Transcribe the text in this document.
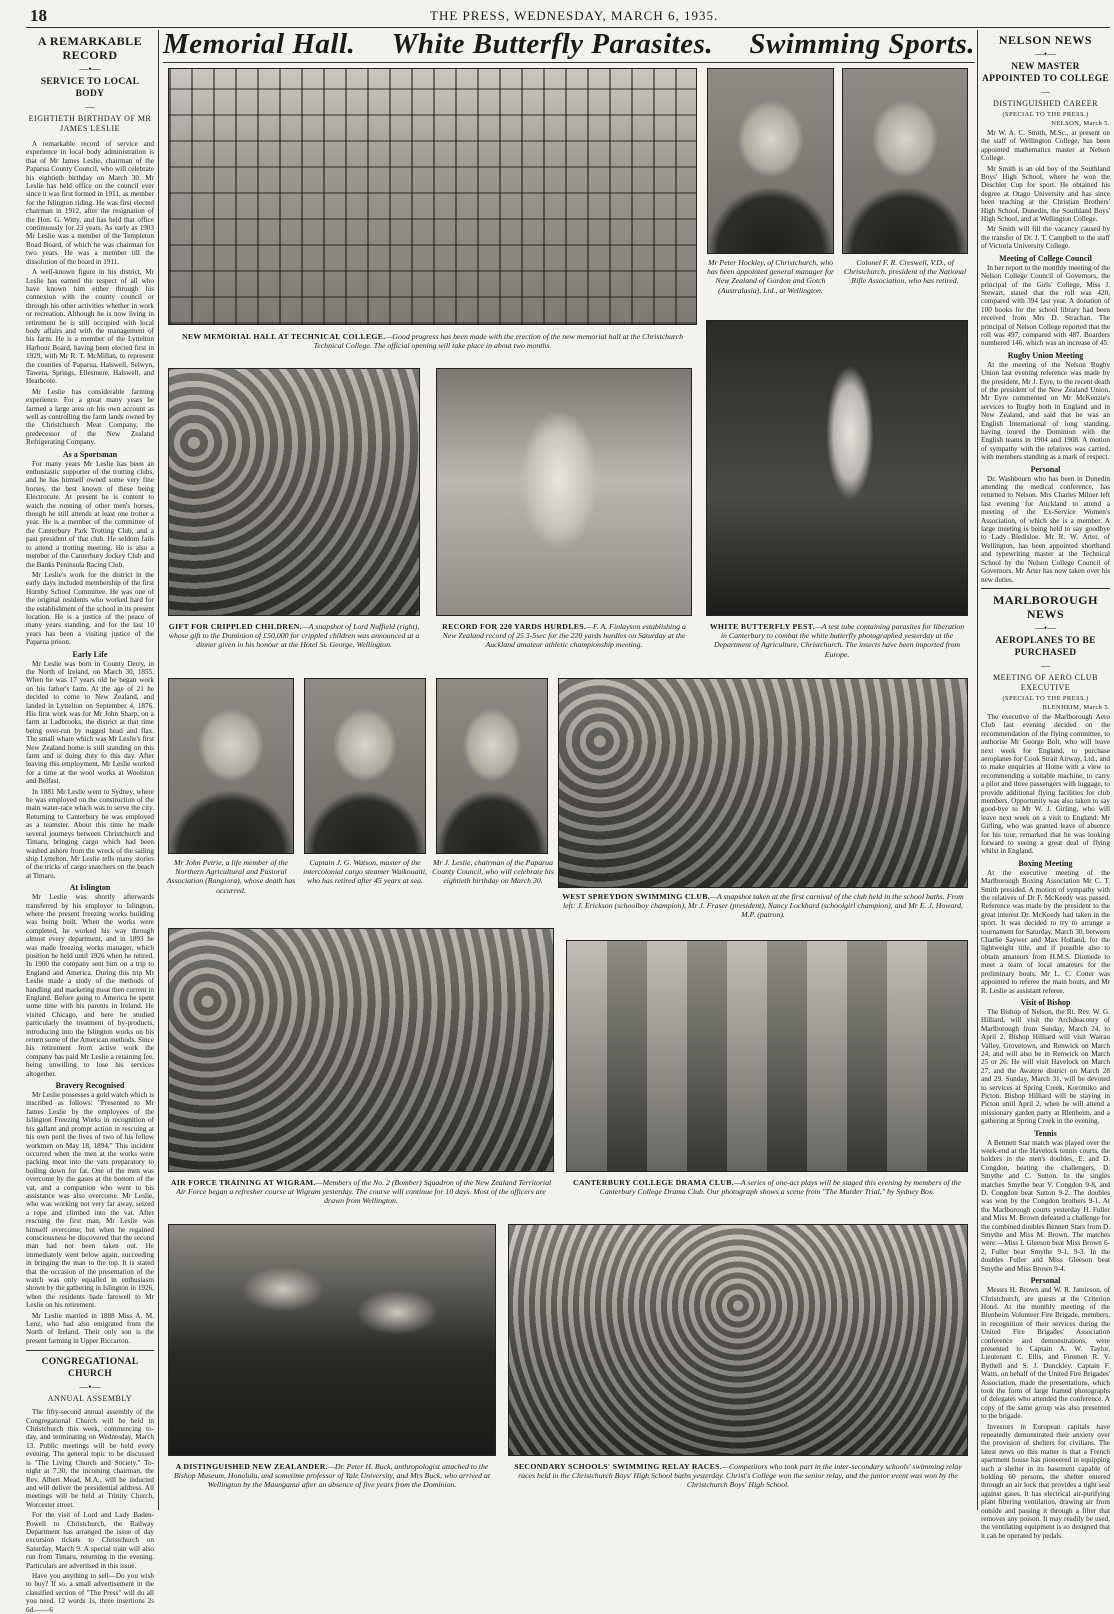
18	THE PRESS, WEDNESDAY, MARCH 6, 1935.
A REMARKABLE RECORD
—•—
SERVICE TO LOCAL BODY
—
EIGHTIETH BIRTHDAY OF MR JAMES LESLIE

A remarkable record of service and experience in local body administration is that of Mr James Leslie, chairman of the Paparua County Council, who will celebrate his eightieth birthday on March 30. Mr Leslie has held office on the council ever since it was first formed in 1911, as member for the Islington riding. He was first elected chairman in 1912, after the resignation of the Hon. G. Witty, and has held that office continuously for 23 years. As early as 1903 Mr Leslie was a member of the Templeton Road Board, of which he was chairman for two years. He was a member till the dissolution of the board in 1911.

A well-known figure in his district, Mr Leslie has earned the respect of all who have known him either through his connexion with the county council or through his other activities whether in work or recreation. Although he is now living in retirement he is still occupied with local body affairs and with the management of his farm. He is a member of the Lyttelton Harbour Board, having been elected first in 1929, with Mr R. T. McMillan, to represent the counties of Paparua, Halswell, Selwyn, Tawera, Springs, Ellesmere, Halswell, and Heathcote.

Mr Leslie has considerable farming experience. For a great many years he farmed a large area on his own account as well as controlling the farm lands owned by the Christchurch Meat Company, the predecessor of the New Zealand Refrigerating Company.

As a Sportsman

For many years Mr Leslie has been an enthusiastic supporter of the trotting clubs, and he has himself owned some very fine horses, the best known of these being Electrocute. At present he is content to watch the running of other men's horses, though he still attends at least one trotter a year. He is a member of the committee of the Canterbury Park Trotting Club, and a past president of that club. He seldom fails to attend a trotting meeting. He is also a member of the Canterbury Jockey Club and the Banks Peninsula Racing Club.

Mr Leslie's work for the district in the early days included membership of the first Hornby School Committee. He was one of the original residents who worked hard for the establishment of the school in its present location. He is a justice of the peace of many years standing, and for the last 10 years has been a visiting justice of the Paparua prison.

Early Life

Mr Leslie was born in County Derry, in the North of Ireland, on March 30, 1855. When he was 17 years old he began work on his father's farm. At the age of 21 he decided to come to New Zealand, and landed in Lyttelton on September 4, 1876. His first work was for Mr John Sharp, on a farm at Ladbrooks, the district at that time being over-run by rugged head and flax. The small whare which was Mr Leslie's first New Zealand home is still standing on this farm and is doing duty to this day. After leaving this employment, Mr Leslie worked for a time at the wool works at Woolston and Belfast.

In 1881 Mr Leslie went to Sydney, where he was employed on the construction of the main water-race which was to serve the city. Returning to Canterbury he was employed as a teamster. About this time he made several journeys between Christchurch and Timaru, bringing cargo which had been washed ashore from the wreck of the sailing ship Lyttelton. Mr Leslie tells many stories of the tricks of cargo snatchers on the beach at Timaru.

At Islington

Mr Leslie was shortly afterwards transferred by his employer to Islington, where the present freezing works building was being built. When the works were completed, he worked his way through almost every department, and in 1893 he was made freezing works manager, which position he held until 1926 when he retired. In 1900 the company sent him on a trip to England and America. During this trip Mr Leslie made a study of the methods of handling and marketing meat then current in England. Before going to America he spent some time with his parents in Ireland. He visited Chicago, and here he studied particularly the treatment of by-products, introducing into the Islington works on his return some of the American methods. Since his retirement from active work the company has paid Mr Leslie a retaining fee, being unwilling to lose his services altogether.

Bravery Recognised

Mr Leslie possesses a gold watch which is inscribed as follows: "Presented to Mr James Leslie by the employees of the Islington Freezing Works in recognition of his gallant and prompt action in rescuing at his own peril the lives of two of his fellow workmen on May 18, 1894." This incident occurred when the men at the works were packing meat into the vats preparatory to boiling down for fat. One of the men was overcome by the gases at the bottom of the vat, and a companion who went to his assistance was also overcome. Mr Leslie, who was working not very far away, seized a rope and climbed into the vat. After rescuing the first man, Mr Leslie was himself overcome; but when he regained consciousness he discovered that the second man had not been taken out. He immediately went below again, succeeding in bringing the man to the top. It is stated that the occasion of the presentation of the watch was only equalled in enthusiasm shown by the gathering in Islington in 1926, when the residents bade farewell to Mr Leslie on his retirement.

Mr Leslie married in 1888 Miss A. M. Lenz, who had also emigrated from the North of Ireland. Their only son is the present farming in Upper Riccarton.

CONGREGATIONAL CHURCH
—•—
ANNUAL ASSEMBLY

The fifty-second annual assembly of the Congregational Church will be held in Christchurch this week, commencing to-day, and terminating on Wednesday, March 13. Public meetings will be held every evening. The general topic to be discussed is "The Living Church and Society." To-night at 7.30, the incoming chairman, the Rev. Albert Mead, M.A., will be inducted and will deliver the presidential address. All meetings will be held at Trinity Church, Worcester street.

For the visit of Lord and Lady Baden-Powell to Christchurch, the Railway Department has arranged the issue of day excursion tickets to Christchurch on Saturday, March 9. A special train will also run from Timaru, returning in the evening. Particulars are advertised in this issue.

Have you anything to sell—Do you wish to buy? If so, a small advertisement in the classified section of "The Press" will do all you need. 12 words 1s, three insertions 2s 6d.——6

Memorial Hall. White Butterfly Parasites. Swimming Sports.
NEW MEMORIAL HALL AT TECHNICAL COLLEGE.—Good progress has been made with the erection of the new memorial hall at the Christchurch Technical College. The official opening will take place in about two months.
Mr Peter Hockley, of Christchurch, who has been appointed general manager for New Zealand of Gordon and Gotch (Australasia), Ltd., at Wellington.
Colonel F. R. Creswell, V.D., of Christchurch, president of the National Rifle Association, who has retired.
GIFT FOR CRIPPLED CHILDREN.—A snapshot of Lord Nuffield (right), whose gift to the Dominion of £50,000 for crippled children was announced at a dinner given in his honour at the Hotel St. George, Wellington.
RECORD FOR 220 YARDS HURDLES.—F. A. Finlayson establishing a New Zealand record of 25 3-5sec for the 220 yards hurdles on Saturday at the Auckland amateur athletic championship meeting.
WHITE BUTTERFLY PEST.—A test tube containing parasites for liberation in Canterbury to combat the white butterfly photographed yesterday at the Department of Agriculture, Christchurch. The insects have been imported from Europe.
Mr John Petrie, a life member of the Northern Agricultural and Pastoral Association (Rangiora), whose death has occurred.
Captain J. G. Watson, master of the intercolonial cargo steamer Waikouaiti, who has retired after 45 years at sea.
Mr J. Leslie, chairman of the Paparua County Council, who will celebrate his eightieth birthday on March 30.
WEST SPREYDON SWIMMING CLUB.—A snapshot taken at the first carnival of the club held in the school baths. From left: J. Erickson (schoolboy champion), Mr J. Fraser (president), Nancy Lockhard (schoolgirl champion), and Mr E. J. Howard, M.P. (patron).
AIR FORCE TRAINING AT WIGRAM.—Members of the No. 2 (Bomber) Squadron of the New Zealand Territorial Air Force began a refresher course at Wigram yesterday. The course will continue for 10 days. Most of the officers are drawn from Wellington.
CANTERBURY COLLEGE DRAMA CLUB.—A series of one-act plays will be staged this evening by members of the Canterbury College Drama Club. Our photograph shows a scene from "The Murder Trial," by Sydney Box.
A DISTINGUISHED NEW ZEALANDER.—Dr. Peter H. Buck, anthropologist attached to the Bishop Museum, Honolulu, and sometime professor of Yale University, and Mrs Buck, who arrived at Wellington by the Maunganui after an absence of five years from the Dominion.
SECONDARY SCHOOLS' SWIMMING RELAY RACES.—Competitors who took part in the inter-secondary schools' swimming relay races held in the Christchurch Boys' High School baths yesterday. Christ's College won the senior relay, and the junior event was won by the Christchurch Boys' High School.
NELSON NEWS
—•—
NEW MASTER APPOINTED TO COLLEGE
—
DISTINGUISHED CAREER
(SPECIAL TO THE PRESS.)
NELSON, March 5.

Mr W. A. C. Smith, M.Sc., at present on the staff of Wellington College, has been appointed mathematics master at Nelson College.

Mr Smith is an old boy of the Southland Boys' High School, where he won the Deschler Cup for sport. He obtained his degree at Otago University and has since been teaching at the Christian Brothers' High School, Dunedin, the Southland Boys' High School, and at Wellington College.

Mr Smith will fill the vacancy caused by the transfer of Dr. J. T. Campbell to the staff of Victoria University College.

Meeting of College Council

In her report to the monthly meeting of the Nelson College Council of Governors, the principal of the Girls' College, Miss J. Stewart, stated that the roll was 420, compared with 394 last year. A donation of 100 books for the school library had been received from Mrs D. Strachan. The principal of Nelson College reported that the roll was 497, compared with 487. Boarders numbered 146, which was an increase of 45.

Rugby Union Meeting

At the meeting of the Nelson Rugby Union last evening reference was made by the president, Mr J. Eyre, to the recent death of the president of the New Zealand Union, Mr Eyre commented on Mr McKenzie's services to Rugby both in England and in New Zealand, and said that he was an English International of long standing, having toured the Dominion with the English teams in 1904 and 1908. A motion of sympathy with the relatives was carried, with members standing as a mark of respect.

Personal

Dr. Washbourn who has been in Dunedin attending the medical conference, has returned to Nelson. Mrs Charles Milner left last evening for Auckland to attend a meeting of the Ex-Service Women's Association, of which she is a member. A large meeting is being held to say goodbye to Lady Bledisloe. Mr R. W. Arter, of Wellington, has been appointed shorthand and typewriting master at the Technical School by the Nelson College Council of Governors. Mr Arter has now taken over his new duties.

MARLBOROUGH NEWS
—•—
AEROPLANES TO BE PURCHASED
—
MEETING OF AERO CLUB EXECUTIVE
(SPECIAL TO THE PRESS.)
BLENHEIM, March 5.

The executive of the Marlborough Aero Club last evening decided on the recommendation of the flying committee, to authorise Mr George Bolt, who will leave next week for England, to purchase aeroplanes for Cook Strait Airway, Ltd., and to make enquiries at Home with a view to recommending a suitable machine, to carry a pilot and three passengers with luggage, to provide additional flying facilities for club members. Opportunity was also taken to say good-bye to Mr W. J. Girling, who will leave next week on a visit to England. Mr Girling, who was granted leave of absence for his tour, remarked that he was looking forward to seeing a great deal of flying whilst in England.

Boxing Meeting

At the executive meeting of the Marlborough Boxing Association Mr C. T. Smith presided. A motion of sympathy with the relatives of Dr F. McKeedy was passed. Reference was made by the president to the great interest Dr. McKeedy had taken in the sport. It was decided to try to arrange a tournament for Saturday, March 30, between Charlie Saywer and Max Holland, for the lightweight title, and if possible also to obtain amateurs from H.M.S. Diomede to meet a team of local amateurs for the preliminary bouts. Mr L. C. Cotter was appointed to referee the main bouts, and Mr R. Leslie as assistant referee.

Visit of Bishop

The Bishop of Nelson, the Rt. Rev. W. G. Hilliard, will visit the Archdeaconry of Marlborough from Sunday, March 24, to April 2. Bishop Hilliard will visit Wairau Valley, Grovetown, and Renwick on March 24, and will also be in Renwick on March 25 or 26. He will visit Havelock on March 27, and the Awatere district on March 28 and 29. Sunday, March 31, will be devoted to services at Spring Creek, Koromiko and Picton. Bishop Hilliard will be staying in Picton until April 2, when he will attend a missionary garden party at Blenheim, and a gathering at Spring Creek in the evening.

Tennis

A Bennett Star match was played over the week-end at the Havelock tennis courts, the holders in the men's doubles, E. and D. Congdon, beating the challengers, D. Smythe and C. Sutton. In the singles matches Smythe beat V. Congdon 9-8, and D. Congdon beat Sutton 9-2. The doubles was won by the Congdon brothers 9-1. At the Marlborough courts yesterday H. Fuller and Miss M. Brown defeated a challenge for the combined doubles Bennett Stars from D. Smythe and Miss M. Brown. The matches were:—Miss I. Gleeson beat Miss Brown 6-2, Fuller beat Smythe 9-1, 9-3. In the doubles Fuller and Miss Gleeson beat Smythe and Miss Brown 9-4.

Personal

Messrs H. Brown and W. R. Jamieson, of Christchurch, are guests at the Criterion Hotel. At the monthly meeting of the Blenheim Volunteer Fire Brigade, members, in recognition of their services during the United Fire Brigades' Association conference and demonstrations, were presented to Captain A. W. Taylor, Lieutenant C. Ellis, and Firemen R. V. Bythell and S. J. Dunckley. Captain F. Watts, on behalf of the United Fire Brigades' Association, made the presentations, which took the form of large framed photographs of delegates who attended the conference. A copy of the same group was also presented to the brigade.

Investors in European capitals have repeatedly demonstrated their anxiety over the provision of shelters for civilians. The latest news on this matter is that a French apartment house has pioneered in equipping such a shelter in its basement capable of holding 60 persons, the shelter entered through an air lock that provides a tight seal against gases. It has electrical air-purifying plant filtering ventilation, drawing air from outside and passing it through a filter that removes any poison. It may readily be used, the ventilating equipment is so designed that it can be operated by pedals.
